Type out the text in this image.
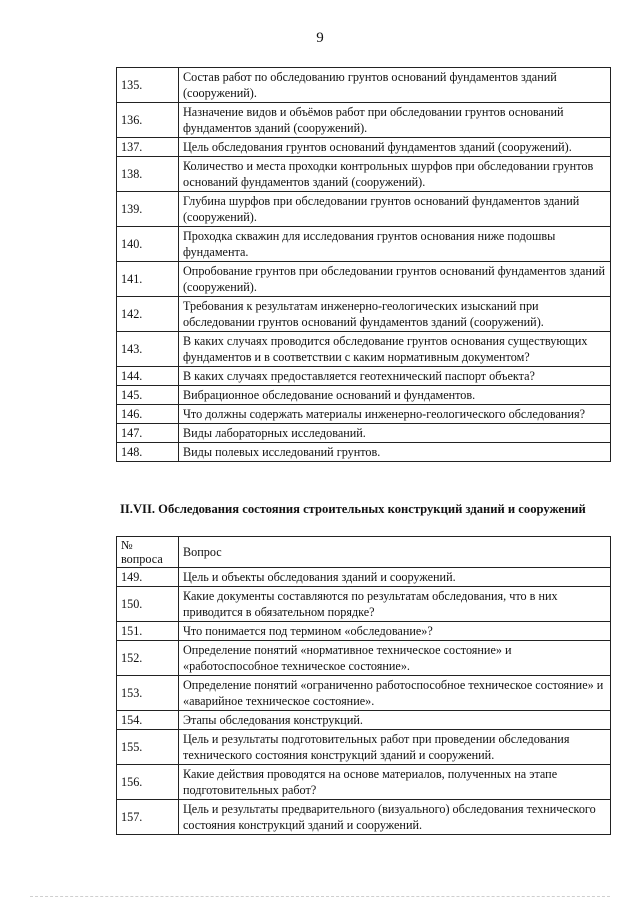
9
135.	Состав работ по обследованию грунтов оснований фундаментов зданий (сооружений).
136.	Назначение видов и объёмов работ при обследовании грунтов оснований фундаментов зданий (сооружений).
137.	Цель обследования грунтов оснований фундаментов зданий (сооружений).
138.	Количество и места проходки контрольных шурфов при обследовании грунтов оснований фундаментов зданий (сооружений).
139.	Глубина шурфов при обследовании грунтов оснований фундаментов зданий (сооружений).
140.	Проходка скважин для исследования грунтов основания ниже подошвы фундамента.
141.	Опробование грунтов при обследовании грунтов оснований фундаментов зданий (сооружений).
142.	Требования к результатам инженерно-геологических изысканий при обследовании грунтов оснований фундаментов зданий (сооружений).
143.	В каких случаях проводится обследование грунтов основания существующих фундаментов и в соответствии с каким нормативным документом?
144.	В каких случаях предоставляется геотехнический паспорт объекта?
145.	Вибрационное обследование оснований и фундаментов.
146.	Что должны содержать материалы инженерно-геологического обследования?
147.	Виды лабораторных исследований.
148.	Виды полевых исследований грунтов.
II.VII. Обследования состояния строительных конструкций зданий и сооружений
№ вопроса	Вопрос
149.	Цель и объекты обследования зданий и сооружений.
150.	Какие документы составляются по результатам обследования, что в них приводится в обязательном порядке?
151.	Что понимается под термином «обследование»?
152.	Определение понятий «нормативное техническое состояние» и «работоспособное техническое состояние».
153.	Определение понятий «ограниченно работоспособное техническое состояние» и «аварийное техническое состояние».
154.	Этапы обследования конструкций.
155.	Цель и результаты подготовительных работ при проведении обследования технического состояния конструкций зданий и сооружений.
156.	Какие действия проводятся на основе материалов, полученных на этапе подготовительных работ?
157.	Цель и результаты предварительного (визуального) обследования технического состояния конструкций зданий и сооружений.
